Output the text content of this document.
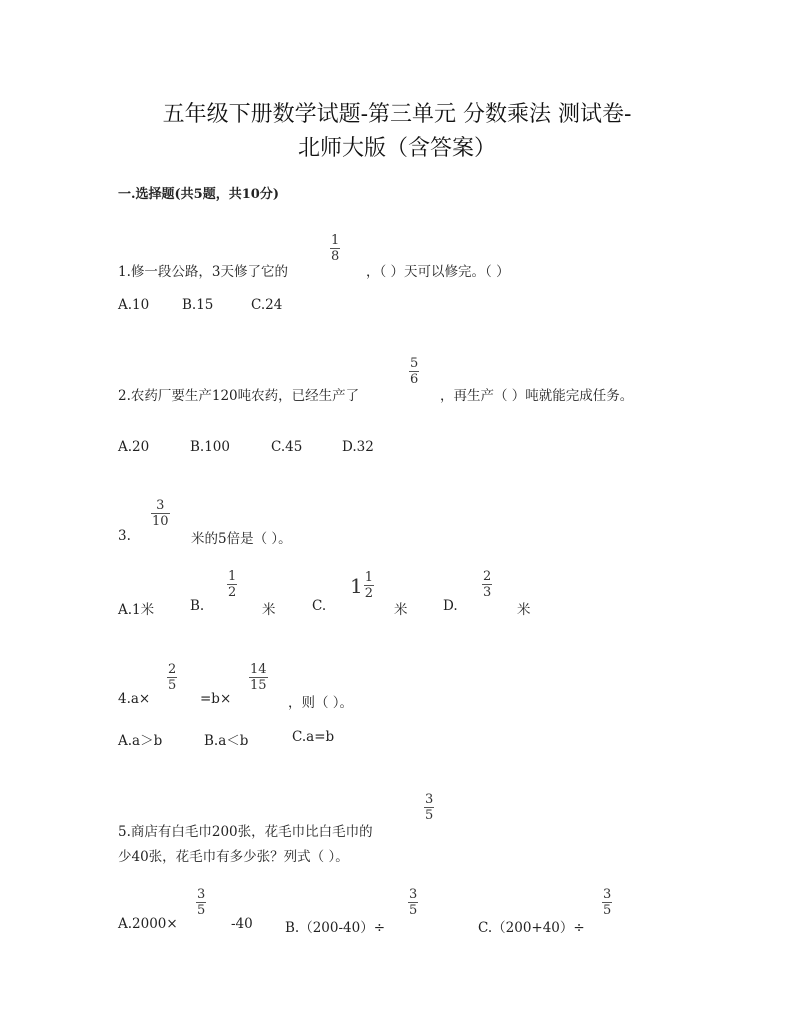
五年级下册数学试题-第三单元 分数乘法 测试卷-
北师大版（含答案）
一.选择题(共5题，共10分)
1.修一段公路，3天修了它的
1
8
，（ ）天可以修完。（ ）
A.10 B.15	C.24
2.农药厂要生产120吨农药，已经生产了
5
6
，再生产（ ）吨就能完成任务。
A.20	B.100	C.45	D.32
3.
3
10
米的5倍是（ ）。
A.1米	B.
1
2
米	C.
$1 \frac{1}{2}$
米	D.
2
3
米
4.a×
2
5
=b×
14
15
，则（ ）。
A.a＞b	B.a＜b	C.a=b
5.商店有白毛巾200张，花毛巾比白毛巾的
3
5
少40张，花毛巾有多少张？列式（ ）。
A.2000×
3
5
-40 B.（200-40）÷
3
5
C.（200+40）÷
3
5
